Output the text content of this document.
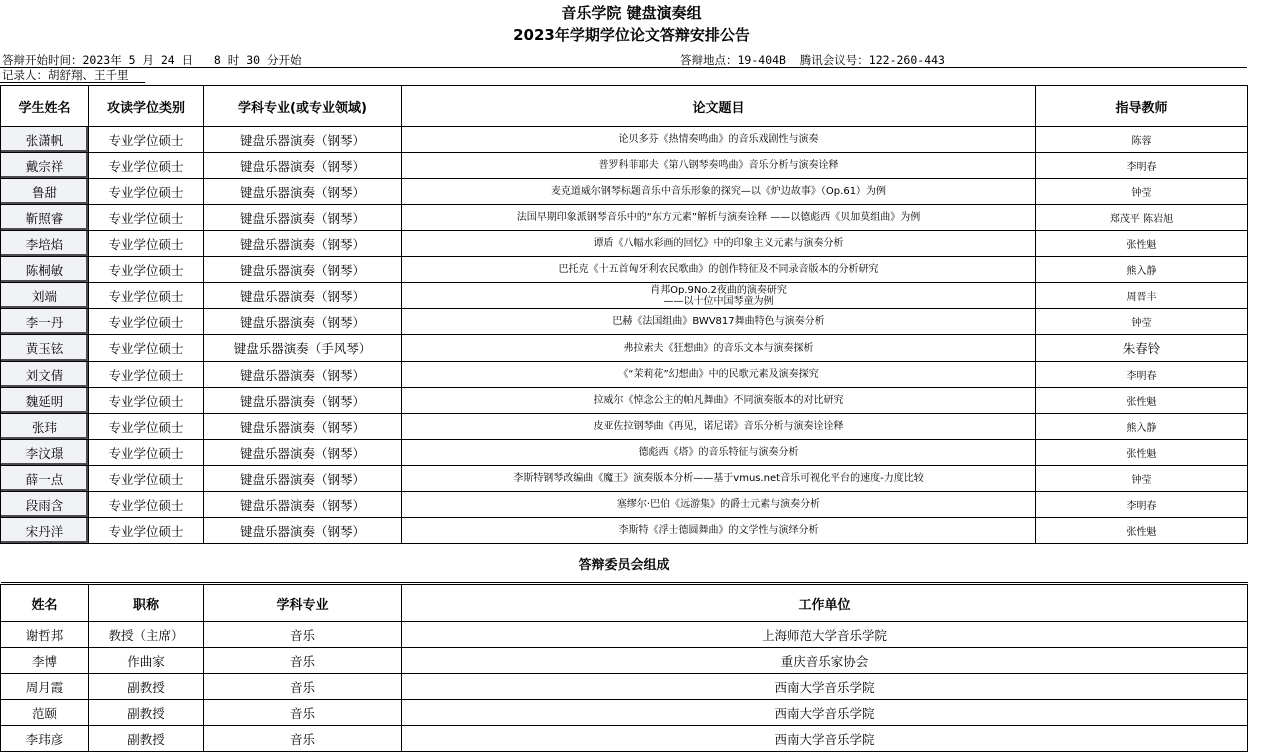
音乐学院 键盘演奏组
2023年学期学位论文答辩安排公告
答辩开始时间：2023年 5 月 24 日   8 时 30 分开始	答辩地点：19-404B  腾讯会议号：122-260-443
记录人：胡舒翔、王千里
学生姓名	攻读学位类别	学科专业(或专业领域)	论文题目	指导教师
张潇帆	专业学位硕士	键盘乐器演奏（钢琴）	论贝多芬《热情奏鸣曲》的音乐戏剧性与演奏	陈蓉
戴宗祥	专业学位硕士	键盘乐器演奏（钢琴）	普罗科菲耶夫《第八钢琴奏鸣曲》音乐分析与演奏诠释	李明春
鲁甜	专业学位硕士	键盘乐器演奏（钢琴）	麦克道威尔钢琴标题音乐中音乐形象的探究—以《炉边故事》（Op.61）为例	钟莹
靳照睿	专业学位硕士	键盘乐器演奏（钢琴）	法国早期印象派钢琴音乐中的“东方元素”解析与演奏诠释 ——以德彪西《贝加莫组曲》为例	郑茂平 陈岩旭
李培焰	专业学位硕士	键盘乐器演奏（钢琴）	谭盾《八幅水彩画的回忆》中的印象主义元素与演奏分析	张性魁
陈桐敏	专业学位硕士	键盘乐器演奏（钢琴）	巴托克《十五首匈牙利农民歌曲》的创作特征及不同录音版本的分析研究	熊入静
刘端	专业学位硕士	键盘乐器演奏（钢琴）	肖邦Op.9No.2夜曲的演奏研究
——以十位中国琴童为例	周晋丰
李一丹	专业学位硕士	键盘乐器演奏（钢琴）	巴赫《法国组曲》BWV817舞曲特色与演奏分析	钟莹
黄玉铉	专业学位硕士	键盘乐器演奏（手风琴）	弗拉索夫《狂想曲》的音乐文本与演奏探析	朱春铃
刘文倩	专业学位硕士	键盘乐器演奏（钢琴）	《“茉莉花”幻想曲》中的民歌元素及演奏探究	李明春
魏延明	专业学位硕士	键盘乐器演奏（钢琴）	拉威尔《悼念公主的帕凡舞曲》不同演奏版本的对比研究	张性魁
张玮	专业学位硕士	键盘乐器演奏（钢琴）	皮亚佐拉钢琴曲《再见，诺尼诺》音乐分析与演奏诠诠释	熊入静
李汶璟	专业学位硕士	键盘乐器演奏（钢琴）	德彪西《塔》的音乐特征与演奏分析	张性魁
薛一点	专业学位硕士	键盘乐器演奏（钢琴）	李斯特钢琴改编曲《魔王》演奏版本分析——基于vmus.net音乐可视化平台的速度-力度比较	钟莹
段雨含	专业学位硕士	键盘乐器演奏（钢琴）	塞缪尔·巴伯《远游集》的爵士元素与演奏分析	李明春
宋丹洋	专业学位硕士	键盘乐器演奏（钢琴）	李斯特《浮士德圆舞曲》的文学性与演绎分析	张性魁
答辩委员会组成				
姓名	职称	学科专业	工作单位
谢哲邦	教授（主席）	音乐	上海师范大学音乐学院
李博	作曲家	音乐	重庆音乐家协会
周月霞	副教授	音乐	西南大学音乐学院
范颐	副教授	音乐	西南大学音乐学院
李玮彦	副教授	音乐	西南大学音乐学院
